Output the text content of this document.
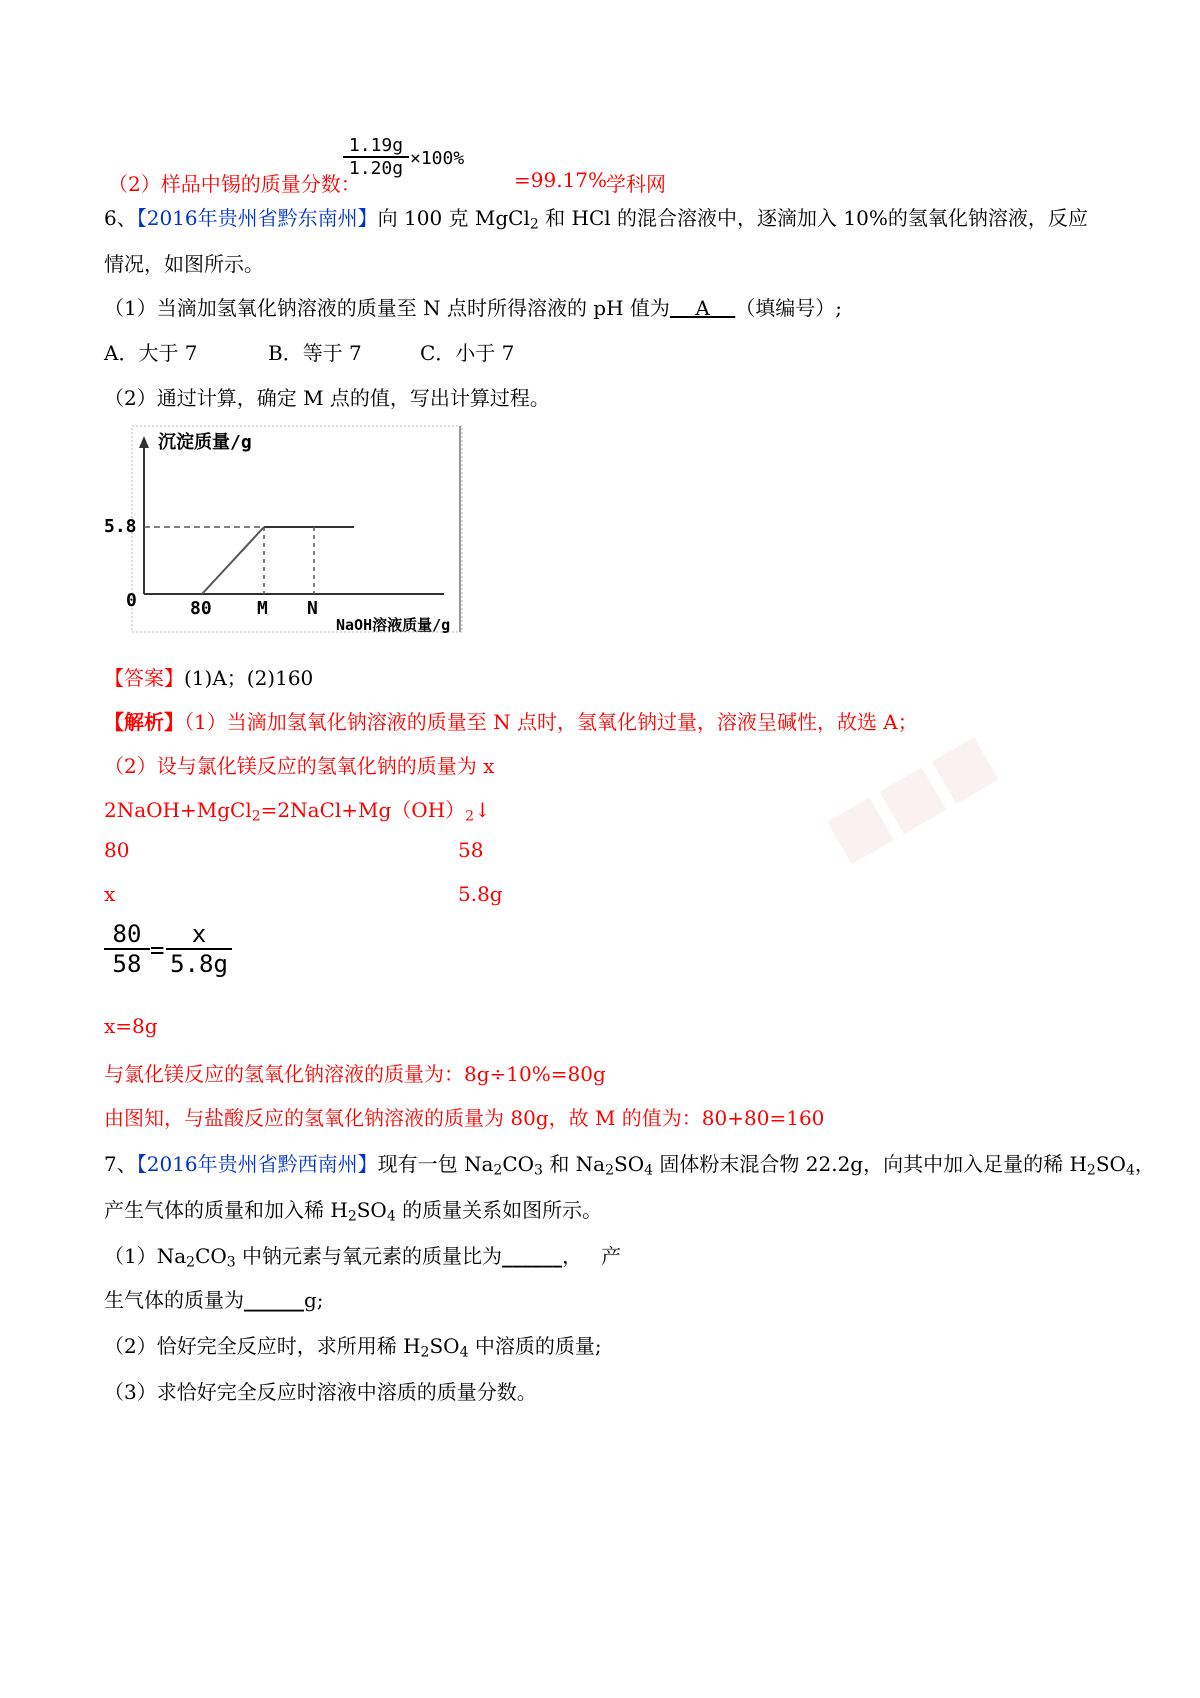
■■■
（2）样品中锡的质量分数：
$\frac{1.19g}{1.20g} \times 100\%$
=99.17%
学科网
6、【2016年贵州省黔东南州】向 100 克 MgCl$_2$ 和 HCl 的混合溶液中，逐滴加入 10%的氢氧化钠溶液，反应
情况，如图所示。
（1）当滴加氢氧化钠溶液的质量至 N 点时所得溶液的 pH 值为    A    （填编号）;
A．大于 7	B．等于 7	C．小于 7
（2）通过计算，确定 M 点的值，写出计算过程。
沉淀质量/g
5.8
0	80	M N
NaOH溶液质量/g
【答案】(1)A；(2)160
【解析】（1）当滴加氢氧化钠溶液的质量至 N 点时，氢氧化钠过量，溶液呈碱性，故选 A；
（2）设与氯化镁反应的氢氧化钠的质量为 x
$2NaOH+MgCl_2=2NaCl+Mg(OH)_2↓$
80	58
x	5.8g
$\frac{80}{58} = \frac{x}{5.8g}$
x=8g
与氯化镁反应的氢氧化钠溶液的质量为：8g÷10%=80g
由图知，与盐酸反应的氢氧化钠溶液的质量为 80g，故 M 的值为：80+80=160
7、【2016年贵州省黔西南州】现有一包 $Na_2CO_3$ 和 $Na_2SO_4$ 固体粉末混合物 22.2g，向其中加入足量的稀 $H_2SO_4$，
产生气体的质量和加入稀 $H_2SO_4$ 的质量关系如图所示。
$(1)Na_2CO_3$ 中钠元素与氧元素的质量比为______，   产
生气体的质量为______g;
（2）恰好完全反应时，求所用稀 $H_2SO_4$ 中溶质的质量;
（3）求恰好完全反应时溶液中溶质的质量分数。
